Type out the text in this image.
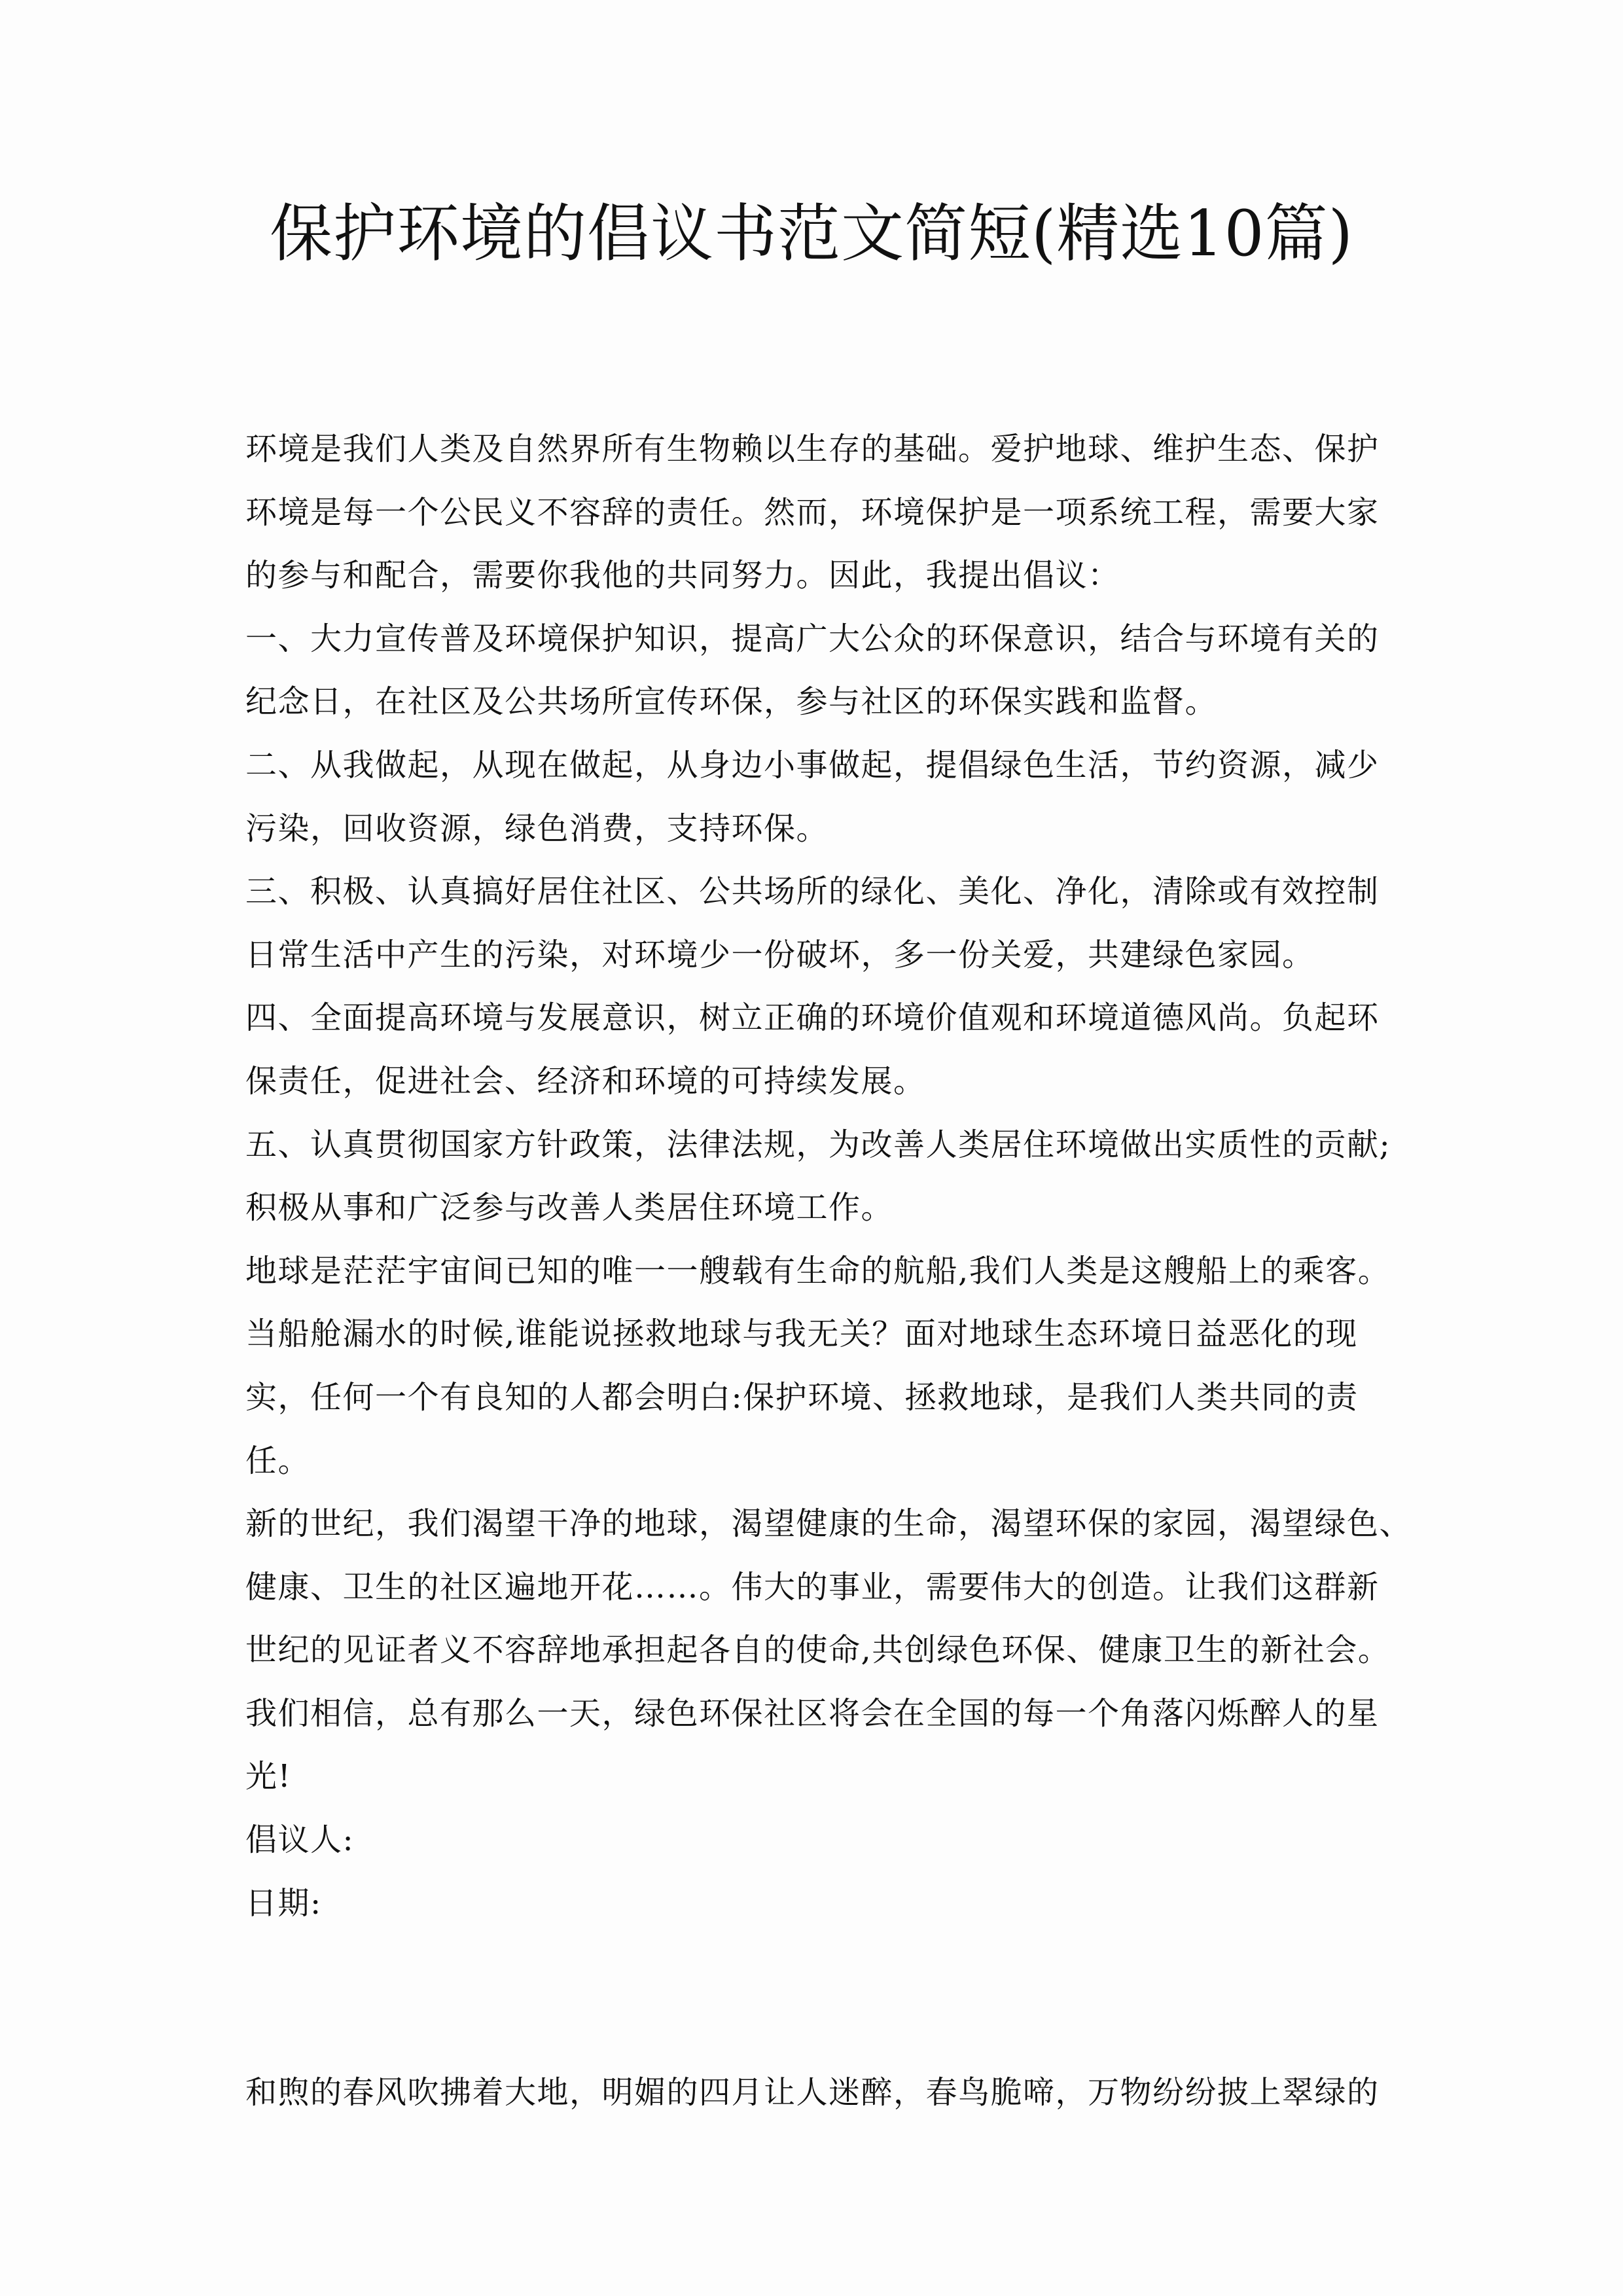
保护环境的倡议书范文简短(精选10篇)
环境是我们人类及自然界所有生物赖以生存的基础。爱护地球、维护生态、保护
环境是每一个公民义不容辞的责任。然而，环境保护是一项系统工程，需要大家
的参与和配合，需要你我他的共同努力。因此，我提出倡议：
一、大力宣传普及环境保护知识，提高广大公众的环保意识，结合与环境有关的
纪念日，在社区及公共场所宣传环保，参与社区的环保实践和监督。
二、从我做起，从现在做起，从身边小事做起，提倡绿色生活，节约资源，减少
污染，回收资源，绿色消费，支持环保。
三、积极、认真搞好居住社区、公共场所的绿化、美化、净化，清除或有效控制
日常生活中产生的污染，对环境少一份破坏，多一份关爱，共建绿色家园。
四、全面提高环境与发展意识，树立正确的环境价值观和环境道德风尚。负起环
保责任，促进社会、经济和环境的可持续发展。
五、认真贯彻国家方针政策，法律法规，为改善人类居住环境做出实质性的贡献;
积极从事和广泛参与改善人类居住环境工作。
地球是茫茫宇宙间已知的唯一一艘载有生命的航船,我们人类是这艘船上的乘客。
当船舱漏水的时候,谁能说拯救地球与我无关？面对地球生态环境日益恶化的现
实，任何一个有良知的人都会明白:保护环境、拯救地球，是我们人类共同的责
任。
新的世纪，我们渴望干净的地球，渴望健康的生命，渴望环保的家园，渴望绿色、
健康、卫生的社区遍地开花……。伟大的事业，需要伟大的创造。让我们这群新
世纪的见证者义不容辞地承担起各自的使命,共创绿色环保、健康卫生的新社会。
我们相信，总有那么一天，绿色环保社区将会在全国的每一个角落闪烁醉人的星
光!
倡议人:
日期:
和煦的春风吹拂着大地，明媚的四月让人迷醉，春鸟脆啼，万物纷纷披上翠绿的
